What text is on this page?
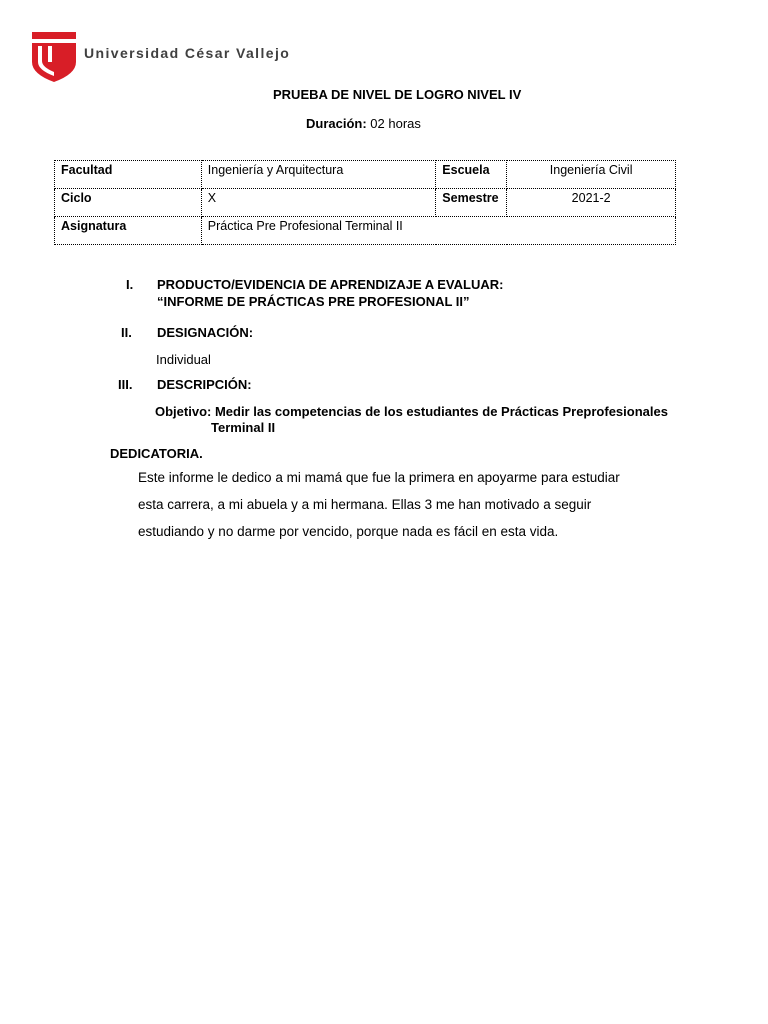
Universidad César Vallejo
PRUEBA DE NIVEL DE LOGRO NIVEL IV
Duración: 02 horas
Facultad	Ingeniería y Arquitectura	Escuela	Ingeniería Civil
Ciclo	X	Semestre	2021-2
Asignatura	Práctica Pre Profesional Terminal II		
I. PRODUCTO/EVIDENCIA DE APRENDIZAJE A EVALUAR:
“INFORME DE PRÁCTICAS PRE PROFESIONAL II”
II. DESIGNACIÓN:
Individual
III. DESCRIPCIÓN:
Objetivo: Medir las competencias de los estudiantes de Prácticas Preprofesionales
Terminal II
DEDICATORIA.
Este informe le dedico a mi mamá que fue la primera en apoyarme para estudiar
esta carrera, a mi abuela y a mi hermana. Ellas 3 me han motivado a seguir
estudiando y no darme por vencido, porque nada es fácil en esta vida.
